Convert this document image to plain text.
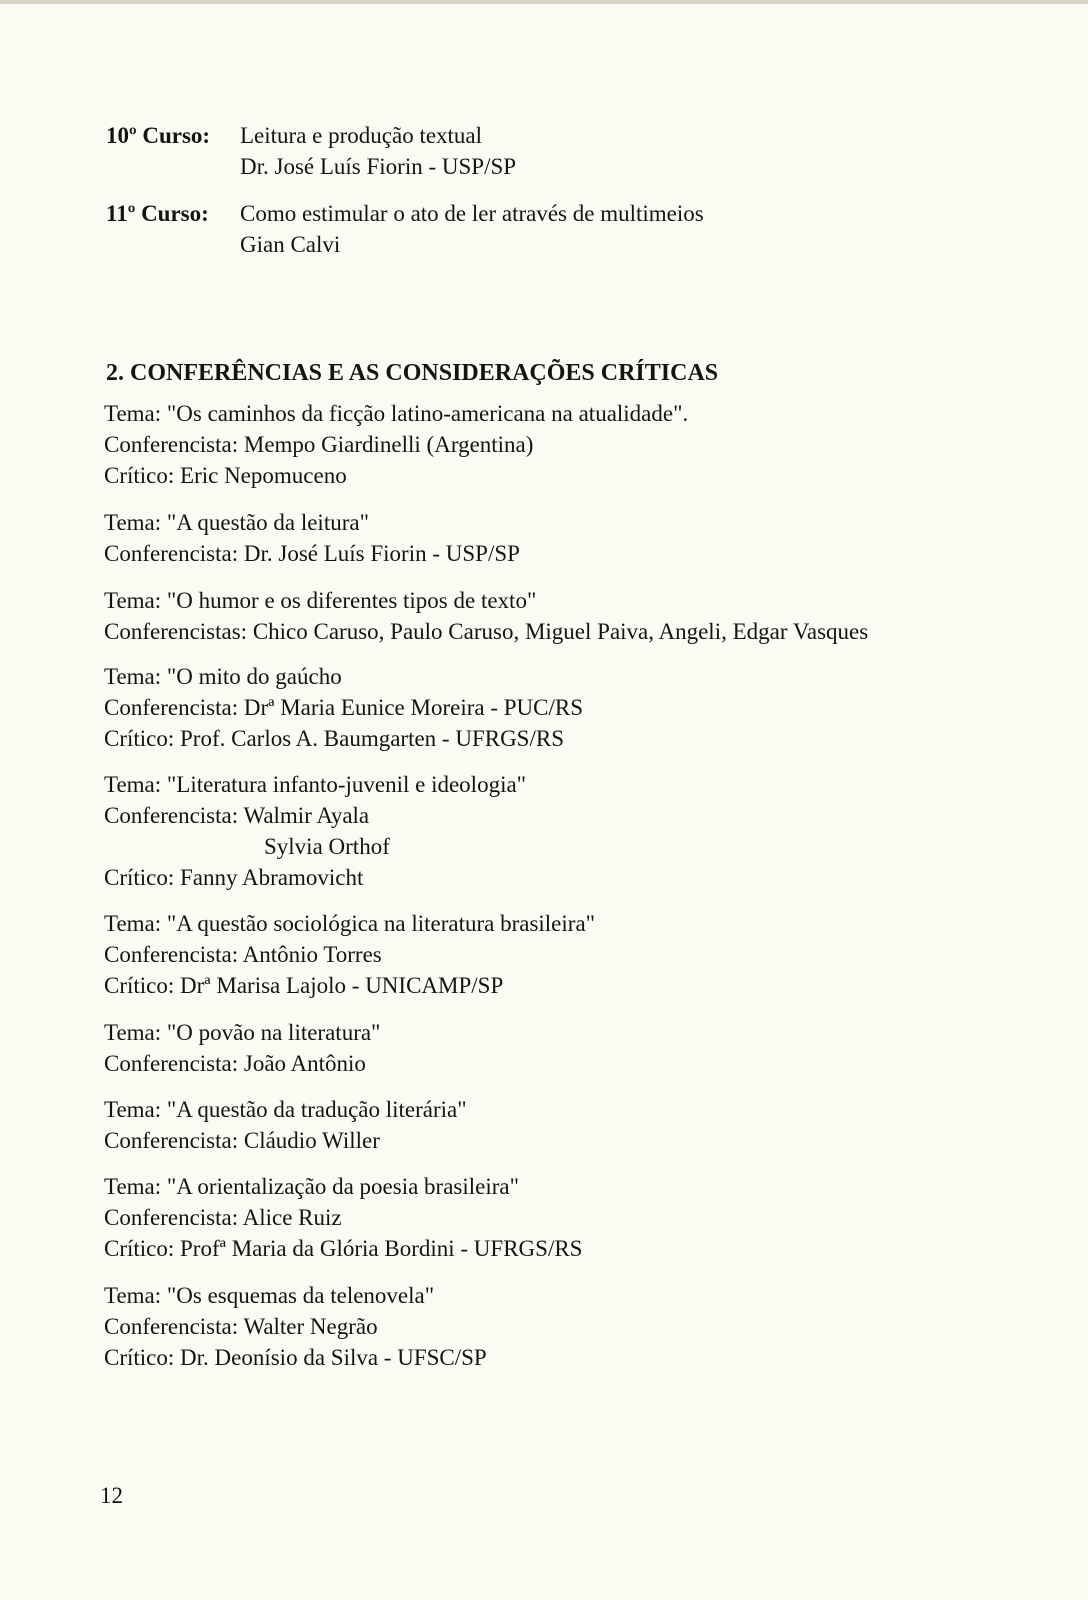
10º Curso: Leitura e produção textual
Dr. José Luís Fiorin - USP/SP
11º Curso: Como estimular o ato de ler através de multimeios
Gian Calvi
2. CONFERÊNCIAS E AS CONSIDERAÇÕES CRÍTICAS
Tema: "Os caminhos da ficção latino-americana na atualidade".
Conferencista: Mempo Giardinelli (Argentina)
Crítico: Eric Nepomuceno
Tema: "A questão da leitura"
Conferencista: Dr. José Luís Fiorin - USP/SP
Tema: "O humor e os diferentes tipos de texto"
Conferencistas: Chico Caruso, Paulo Caruso, Miguel Paiva, Angeli, Edgar Vasques
Tema: "O mito do gaúcho
Conferencista: Drª Maria Eunice Moreira - PUC/RS
Crítico: Prof. Carlos A. Baumgarten - UFRGS/RS
Tema: "Literatura infanto-juvenil e ideologia"
Conferencista: Walmir Ayala
Sylvia Orthof
Crítico: Fanny Abramovicht
Tema: "A questão sociológica na literatura brasileira"
Conferencista: Antônio Torres
Crítico: Drª Marisa Lajolo - UNICAMP/SP
Tema: "O povão na literatura"
Conferencista: João Antônio
Tema: "A questão da tradução literária"
Conferencista: Cláudio Willer
Tema: "A orientalização da poesia brasileira"
Conferencista: Alice Ruiz
Crítico: Profª Maria da Glória Bordini - UFRGS/RS
Tema: "Os esquemas da telenovela"
Conferencista: Walter Negrão
Crítico: Dr. Deonísio da Silva - UFSC/SP
12
